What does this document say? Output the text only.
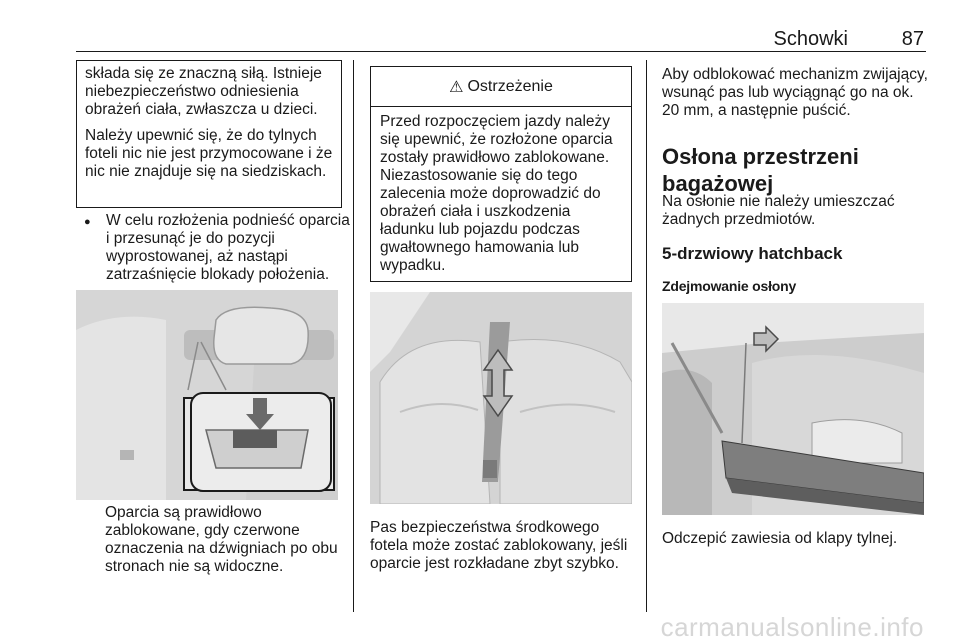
Schowki	87

składa się ze znaczną siłą. Istnieje niebezpieczeństwo odniesienia obrażeń ciała, zwłaszcza u dzieci.

Należy upewnić się, że do tylnych foteli nic nie jest przymocowane i że nic nie znajduje się na siedziskach.

● W celu rozłożenia podnieść oparcia i przesunąć je do pozycji wyprostowanej, aż nastąpi zatrzaśnięcie blokady położenia.

Oparcia są prawidłowo zablokowane, gdy czerwone oznaczenia na dźwigniach po obu stronach nie są widoczne.

⚠ Ostrzeżenie

Przed rozpoczęciem jazdy należy się upewnić, że rozłożone oparcia zostały prawidłowo zablokowane. Niezastosowanie się do tego zalecenia może doprowadzić do obrażeń ciała i uszkodzenia ładunku lub pojazdu podczas gwałtownego hamowania lub wypadku.

Pas bezpieczeństwa środkowego fotela może zostać zablokowany, jeśli oparcie jest rozkładane zbyt szybko.

Aby odblokować mechanizm zwijający, wsunąć pas lub wyciągnąć go na ok. 20 mm, a następnie puścić.

Osłona przestrzeni bagażowej

Na osłonie nie należy umieszczać żadnych przedmiotów.

5-drzwiowy hatchback
Zdejmowanie osłony

Odczepić zawiesia od klapy tylnej.

carmanualsonline.info
